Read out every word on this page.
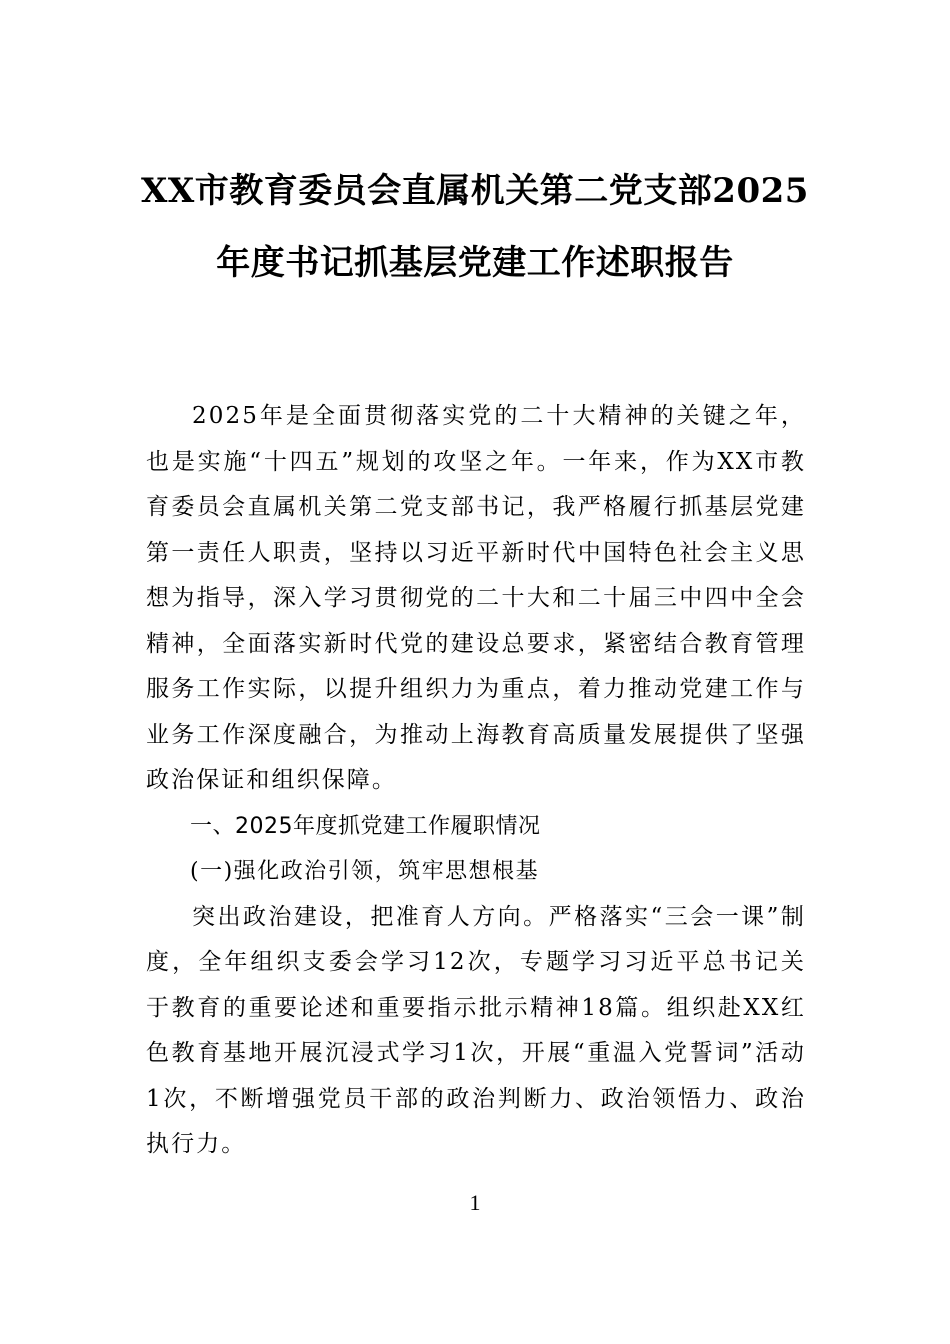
XX市教育委员会直属机关第二党支部2025
年度书记抓基层党建工作述职报告

2025年是全面贯彻落实党的二十大精神的关键之年，也是实施“十四五”规划的攻坚之年。一年来，作为XX市教育委员会直属机关第二党支部书记，我严格履行抓基层党建第一责任人职责，坚持以习近平新时代中国特色社会主义思想为指导，深入学习贯彻党的二十大和二十届三中四中全会精神，全面落实新时代党的建设总要求，紧密结合教育管理服务工作实际，以提升组织力为重点，着力推动党建工作与业务工作深度融合，为推动上海教育高质量发展提供了坚强政治保证和组织保障。

一、2025年度抓党建工作履职情况

(一)强化政治引领，筑牢思想根基

突出政治建设，把准育人方向。严格落实“三会一课”制度，全年组织支委会学习12次，专题学习习近平总书记关于教育的重要论述和重要指示批示精神18篇。组织赴XX红色教育基地开展沉浸式学习1次，开展“重温入党誓词”活动1次，不断增强党员干部的政治判断力、政治领悟力、政治执行力。

1
